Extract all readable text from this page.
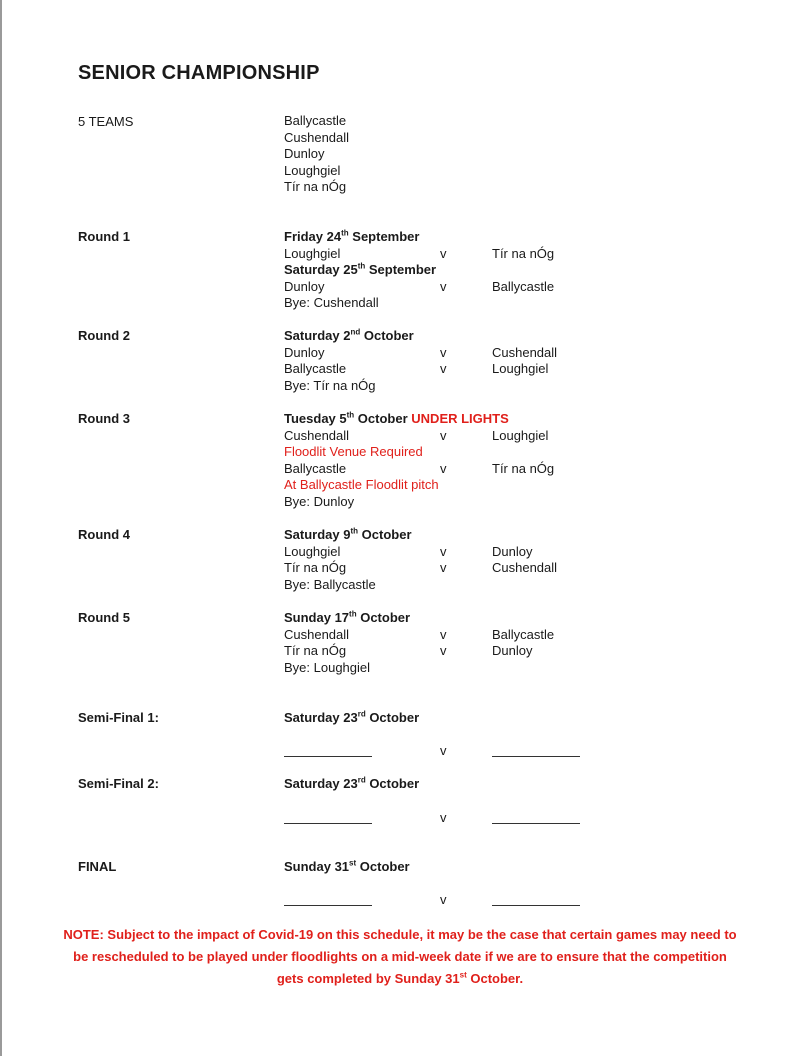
SENIOR CHAMPIONSHIP
5 TEAMS	Ballycastle
Cushendall
Dunloy
Loughgiel
Tír na nÓg
Round 1	Friday 24th September
Loughgiel	v	Tír na nÓg
Saturday 25th September
Dunloy	v	Ballycastle
Bye: Cushendall
Round 2	Saturday 2nd October
Dunloy	v	Cushendall
Ballycastle	v	Loughgiel
Bye: Tír na nÓg
Round 3	Tuesday 5th October UNDER LIGHTS
Cushendall	v	Loughgiel
Floodlit Venue Required
Ballycastle	v	Tír na nÓg
At Ballycastle Floodlit pitch
Bye: Dunloy
Round 4	Saturday 9th October
Loughgiel	v	Dunloy
Tír na nÓg	v	Cushendall
Bye: Ballycastle
Round 5	Sunday 17th October
Cushendall	v	Ballycastle
Tír na nÓg	v	Dunloy
Bye: Loughgiel
Semi-Final 1:	Saturday 23rd October
v
Semi-Final 2:	Saturday 23rd October
v
FINAL	Sunday 31st October
v
NOTE: Subject to the impact of Covid-19 on this schedule, it may be the case that certain games may need to be rescheduled to be played under floodlights on a mid-week date if we are to ensure that the competition gets completed by Sunday 31st October.
